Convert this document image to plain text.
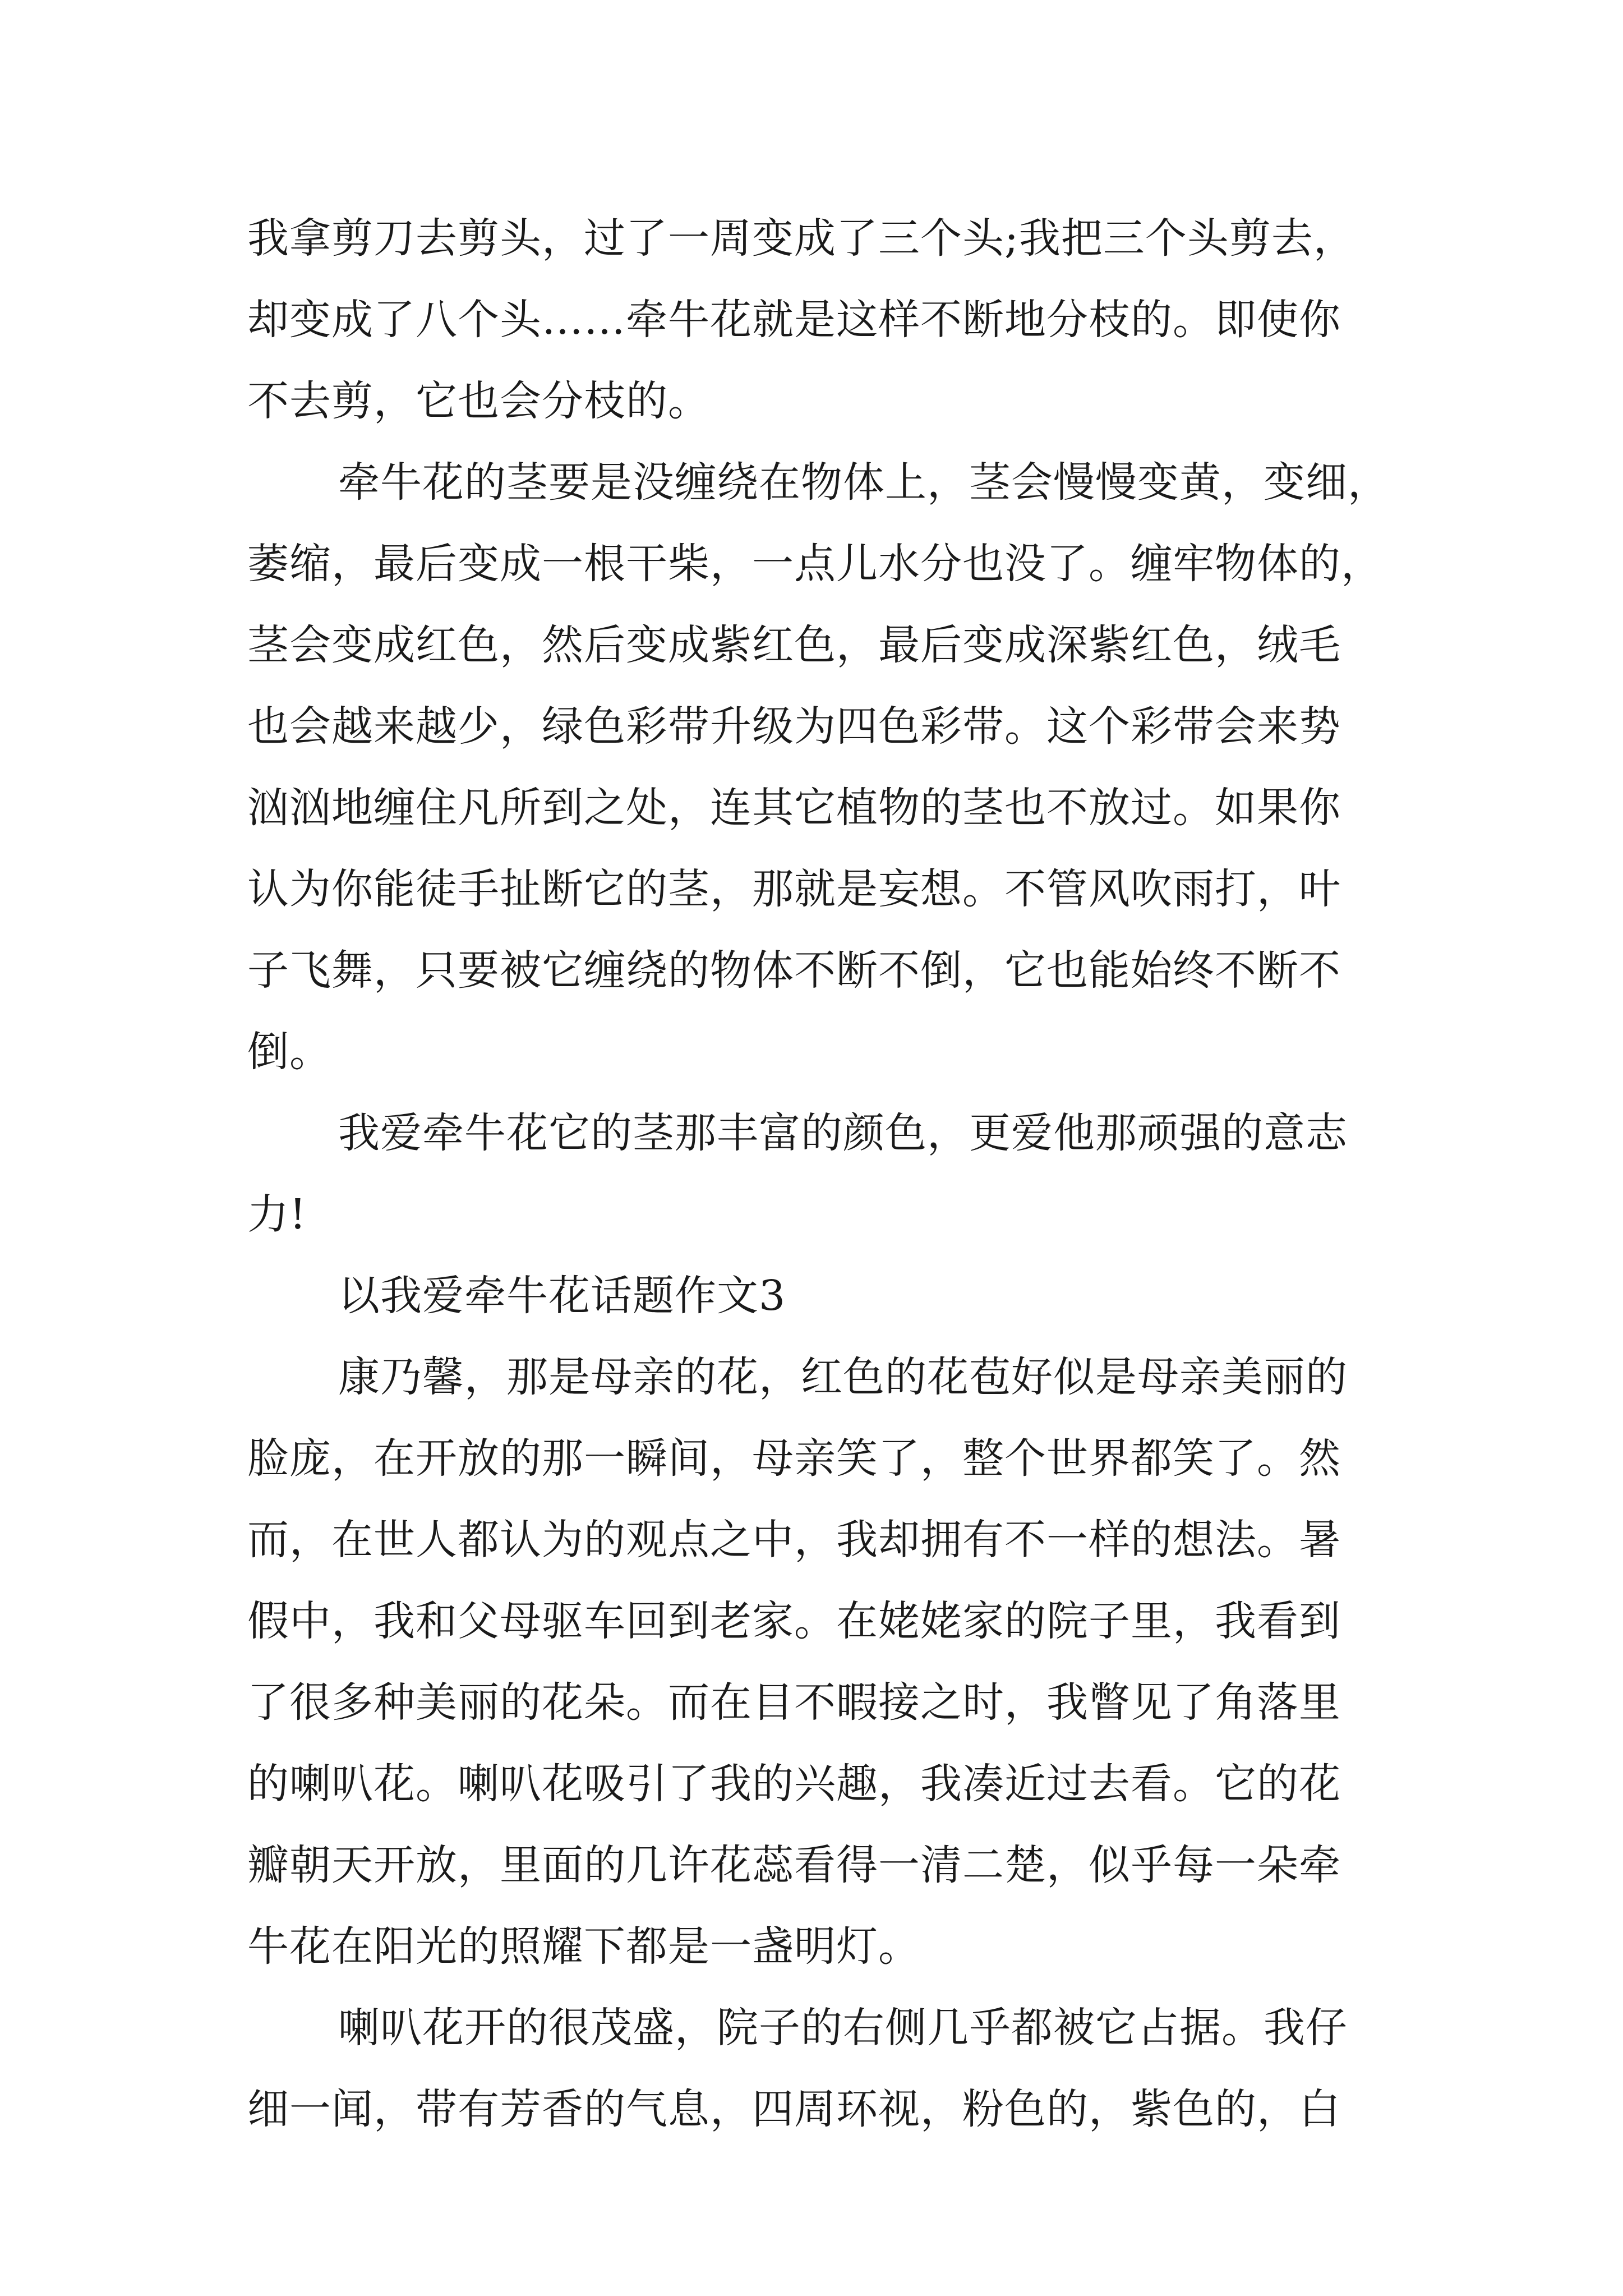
我拿剪刀去剪头，过了一周变成了三个头;我把三个头剪去，
却变成了八个头……牵牛花就是这样不断地分枝的。即使你
不去剪，它也会分枝的。
牵牛花的茎要是没缠绕在物体上，茎会慢慢变黄，变细，
萎缩，最后变成一根干柴，一点儿水分也没了。缠牢物体的，
茎会变成红色，然后变成紫红色，最后变成深紫红色，绒毛
也会越来越少，绿色彩带升级为四色彩带。这个彩带会来势
汹汹地缠住凡所到之处，连其它植物的茎也不放过。如果你
认为你能徒手扯断它的茎，那就是妄想。不管风吹雨打，叶
子飞舞，只要被它缠绕的物体不断不倒，它也能始终不断不
倒。
我爱牵牛花它的茎那丰富的颜色，更爱他那顽强的意志
力!
以我爱牵牛花话题作文3
康乃馨，那是母亲的花，红色的花苞好似是母亲美丽的
脸庞，在开放的那一瞬间，母亲笑了，整个世界都笑了。然
而，在世人都认为的观点之中，我却拥有不一样的想法。暑
假中，我和父母驱车回到老家。在姥姥家的院子里，我看到
了很多种美丽的花朵。而在目不暇接之时，我瞥见了角落里
的喇叭花。喇叭花吸引了我的兴趣，我凑近过去看。它的花
瓣朝天开放，里面的几许花蕊看得一清二楚，似乎每一朵牵
牛花在阳光的照耀下都是一盏明灯。
喇叭花开的很茂盛，院子的右侧几乎都被它占据。我仔
细一闻，带有芳香的气息，四周环视，粉色的，紫色的，白
